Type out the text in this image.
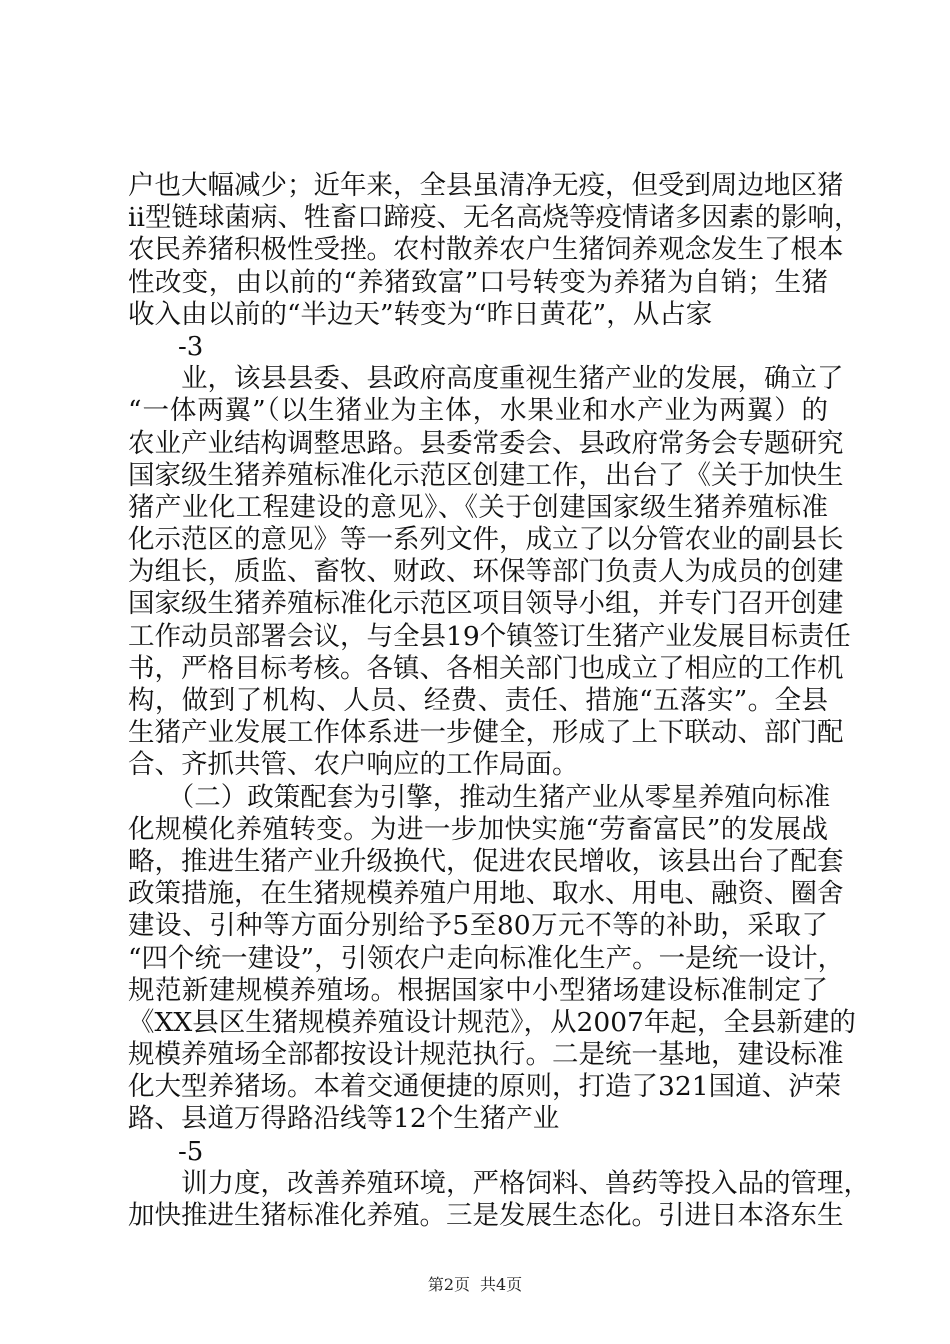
户也大幅减少；近年来，全县虽清净无疫，但受到周边地区猪
ii型链球菌病、牲畜口蹄疫、无名高烧等疫情诸多因素的影响，
农民养猪积极性受挫。农村散养农户生猪饲养观念发生了根本
性改变，由以前的“养猪致富”口号转变为养猪为自销；生猪
收入由以前的“半边天”转变为“昨日黄花”，从占家
-3
　　业，该县县委、县政府高度重视生猪产业的发展，确立了
“一体两翼”（以生猪业为主体，水果业和水产业为两翼）的
农业产业结构调整思路。县委常委会、县政府常务会专题研究
国家级生猪养殖标准化示范区创建工作，出台了《关于加快生
猪产业化工程建设的意见》、《关于创建国家级生猪养殖标准
化示范区的意见》等一系列文件，成立了以分管农业的副县长
为组长，质监、畜牧、财政、环保等部门负责人为成员的创建
国家级生猪养殖标准化示范区项目领导小组，并专门召开创建
工作动员部署会议，与全县19个镇签订生猪产业发展目标责任
书，严格目标考核。各镇、各相关部门也成立了相应的工作机
构，做到了机构、人员、经费、责任、措施“五落实”。全县
生猪产业发展工作体系进一步健全，形成了上下联动、部门配
合、齐抓共管、农户响应的工作局面。
　　（二）政策配套为引擎，推动生猪产业从零星养殖向标准
化规模化养殖转变。为进一步加快实施“劳畜富民”的发展战
略，推进生猪产业升级换代，促进农民增收，该县出台了配套
政策措施，在生猪规模养殖户用地、取水、用电、融资、圈舍
建设、引种等方面分别给予5至80万元不等的补助，采取了
“四个统一建设”，引领农户走向标准化生产。一是统一设计，
规范新建规模养殖场。根据国家中小型猪场建设标准制定了
《XX县区生猪规模养殖设计规范》，从2007年起，全县新建的
规模养殖场全部都按设计规范执行。二是统一基地，建设标准
化大型养猪场。本着交通便捷的原则，打造了321国道、泸荣
路、县道万得路沿线等12个生猪产业
-5
　　训力度，改善养殖环境，严格饲料、兽药等投入品的管理，
加快推进生猪标准化养殖。三是发展生态化。引进日本洛东生
第2页 共4页
